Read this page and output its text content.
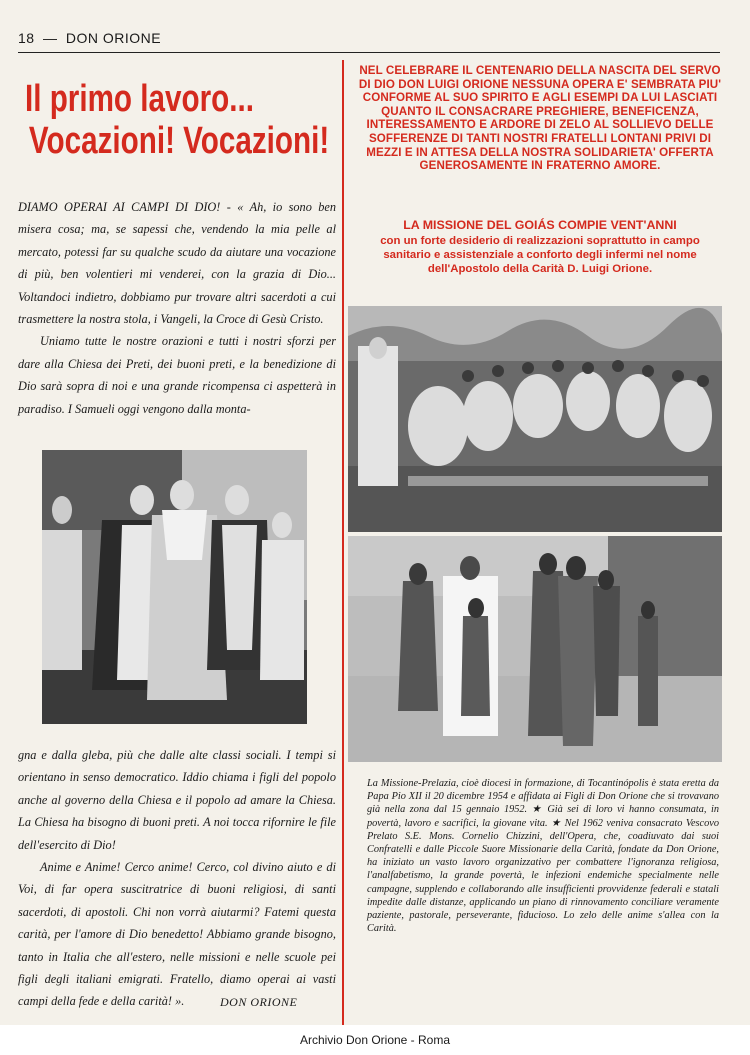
18 — DON ORIONE
Il primo lavoro...
Vocazioni! Vocazioni!

DIAMO OPERAI AI CAMPI DI DIO! - « Ah, io sono ben misera cosa; ma, se sapessi che, vendendo la mia pelle al mercato, potessi far su qualche scudo da aiutare una vocazione di più, ben volentieri mi venderei, con la grazia di Dio... Voltandoci indietro, dobbiamo pur trovare altri sacerdoti a cui trasmettere la nostra stola, i Vangeli, la Croce di Gesù Cristo.

Uniamo tutte le nostre orazioni e tutti i nostri sforzi per dare alla Chiesa dei Preti, dei buoni preti, e la benedizione di Dio sarà sopra di noi e una grande ricompensa ci aspetterà in paradiso. I Samueli oggi vengono dalla monta-

gna e dalla gleba, più che dalle alte classi sociali. I tempi si orientano in senso democratico. Iddio chiama i figli del popolo anche al governo della Chiesa e il popolo ad amare la Chiesa. La Chiesa ha bisogno di buoni preti. A noi tocca rifornire le file dell'esercito di Dio!

Anime e Anime! Cerco anime! Cerco, col divino aiuto e di Voi, di far opera suscitratrice di buoni religiosi, di santi sacerdoti, di apostoli. Chi non vorrà aiutarmi? Fatemi questa carità, per l'amore di Dio benedetto! Abbiamo grande bisogno, tanto in Italia che all'estero, nelle missioni e nelle scuole pei figli degli italiani emigrati. Fratello, diamo operai ai vasti campi della fede e della carità! ».	DON ORIONE
NEL CELEBRARE IL CENTENARIO DELLA NASCITA DEL SERVO DI DIO DON LUIGI ORIONE NESSUNA OPERA E' SEMBRATA PIU' CONFORME AL SUO SPIRITO E AGLI ESEMPI DA LUI LASCIATI QUANTO IL CONSACRARE PREGHIERE, BENEFICENZA, INTERESSAMENTO E ARDORE DI ZELO AL SOLLIEVO DELLE SOFFERENZE DI TANTI NOSTRI FRATELLI LONTANI PRIVI DI MEZZI E IN ATTESA DELLA NOSTRA SOLIDARIETA' OFFERTA GENEROSAMENTE IN FRATERNO AMORE.
LA MISSIONE DEL GOIÁS COMPIE VENT'ANNI
con un forte desiderio di realizzazioni soprattutto in campo sanitario e assistenziale a conforto degli infermi nel nome dell'Apostolo della Carità D. Luigi Orione.

La Missione-Prelazia, cioè diocesi in formazione, di Tocantinópolis è stata eretta da Papa Pio XII il 20 dicembre 1954 e affidata ai Figli di Don Orione che si trovavano già nella zona dal 15 gennaio 1952. ★ Già sei di loro vi hanno consumata, in povertà, lavoro e sacrifici, la giovane vita. ★ Nel 1962 veniva consacrato Vescovo Prelato S.E. Mons. Cornelio Chizzini, dell'Opera, che, coadiuvato dai suoi Confratelli e dalle Piccole Suore Missionarie della Carità, fondate da Don Orione, ha iniziato un vasto lavoro organizzativo per combattere l'ignoranza religiosa, l'analfabetismo, la grande povertà, le infezioni endemiche specialmente nelle campagne, supplendo e collaborando alle insufficienti provvidenze federali e statali impedite dalle distanze, applicando un piano di rinnovamento conciliare veramente paziente, pastorale, perseverante, fiducioso. Lo zelo delle anime s'allea con la Carità.

Archivio Don Orione - Roma
